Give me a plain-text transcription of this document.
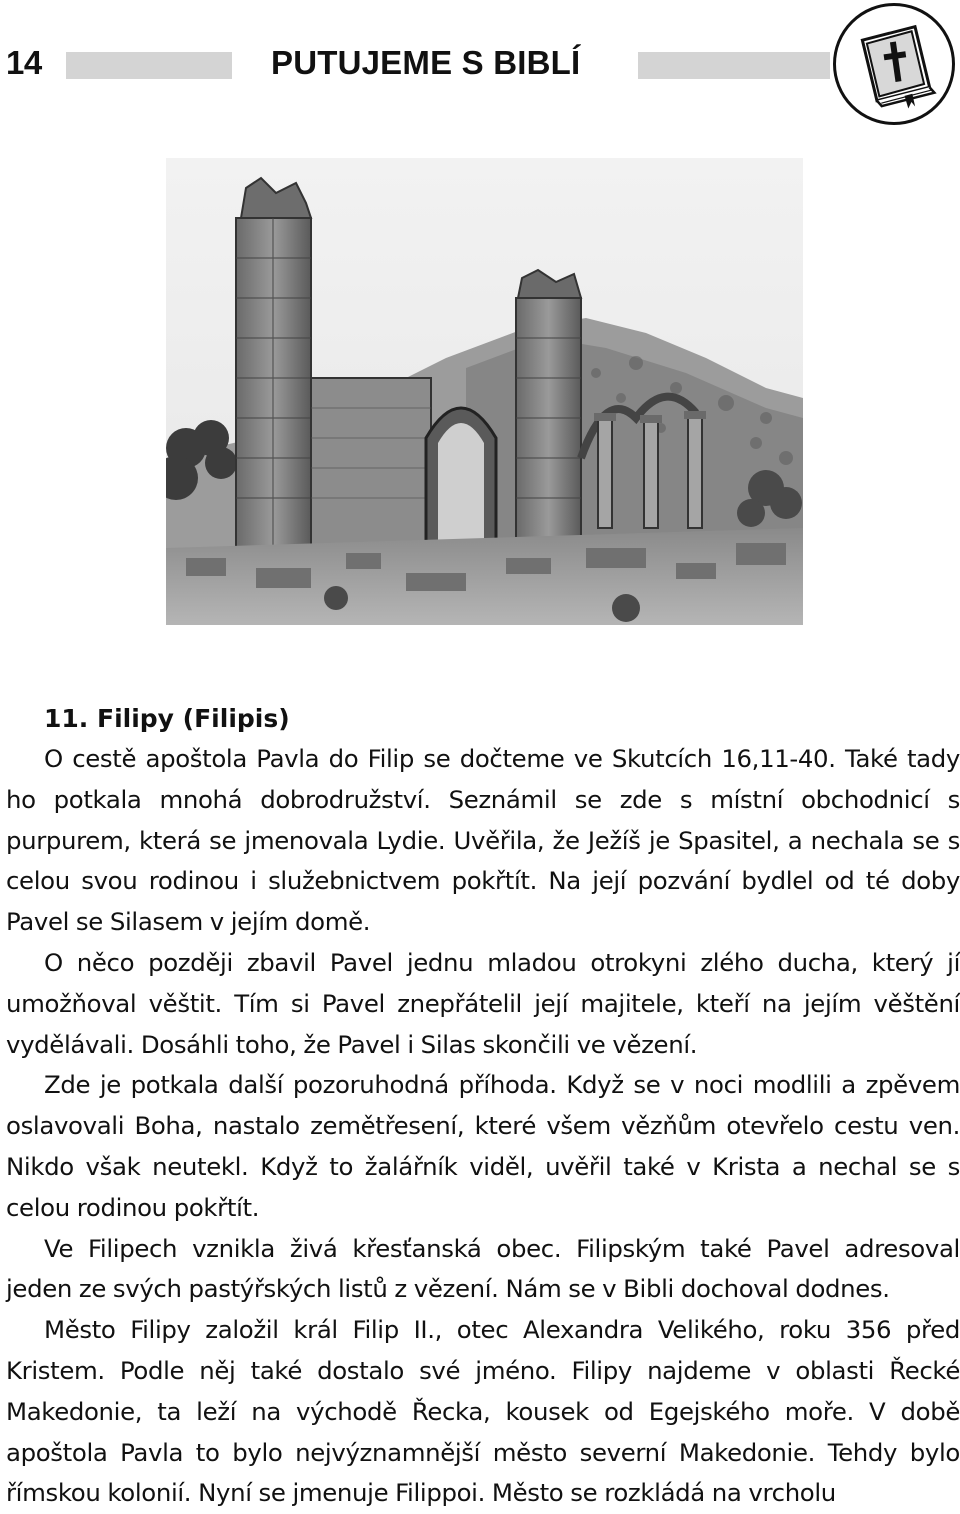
14	PUTUJEME S BIBLÍ
11. Filipy (Filipis)

O cestě apoštola Pavla do Filip se dočteme ve Skutcích 16,11-40. Také tady ho potkala mnohá dobrodružství. Seznámil se zde s místní obchodnicí s purpurem, která se jmenovala Lydie. Uvěřila, že Ježíš je Spasitel, a nechala se s celou svou rodinou i služebnictvem pokřtít. Na její pozvání bydlel od té doby Pavel se Silasem v jejím domě.

O něco později zbavil Pavel jednu mladou otrokyni zlého ducha, který jí umožňoval věštit. Tím si Pavel znepřátelil její majitele, kteří na jejím věštění vydělávali. Dosáhli toho, že Pavel i Silas skončili ve vězení.

Zde je potkala další pozoruhodná příhoda. Když se v noci modlili a zpěvem oslavovali Boha, nastalo zemětřesení, které všem vězňům otevřelo cestu ven. Nikdo však neutekl. Když to žalářník viděl, uvěřil také v Krista a nechal se s celou rodinou pokřtít.

Ve Filipech vznikla živá křesťanská obec. Filipským také Pavel adresoval jeden ze svých pastýřských listů z vězení. Nám se v Bibli dochoval dodnes.

Město Filipy založil král Filip II., otec Alexandra Velikého, roku 356 před Kristem. Podle něj také dostalo své jméno. Filipy najdeme v oblasti Řecké Makedonie, ta leží na východě Řecka, kousek od Egejského moře. V době apoštola Pavla to bylo nejvýznamnější město severní Makedonie. Tehdy bylo římskou kolonií. Nyní se jmenuje Filippoi. Město se rozkládá na vrcholu
